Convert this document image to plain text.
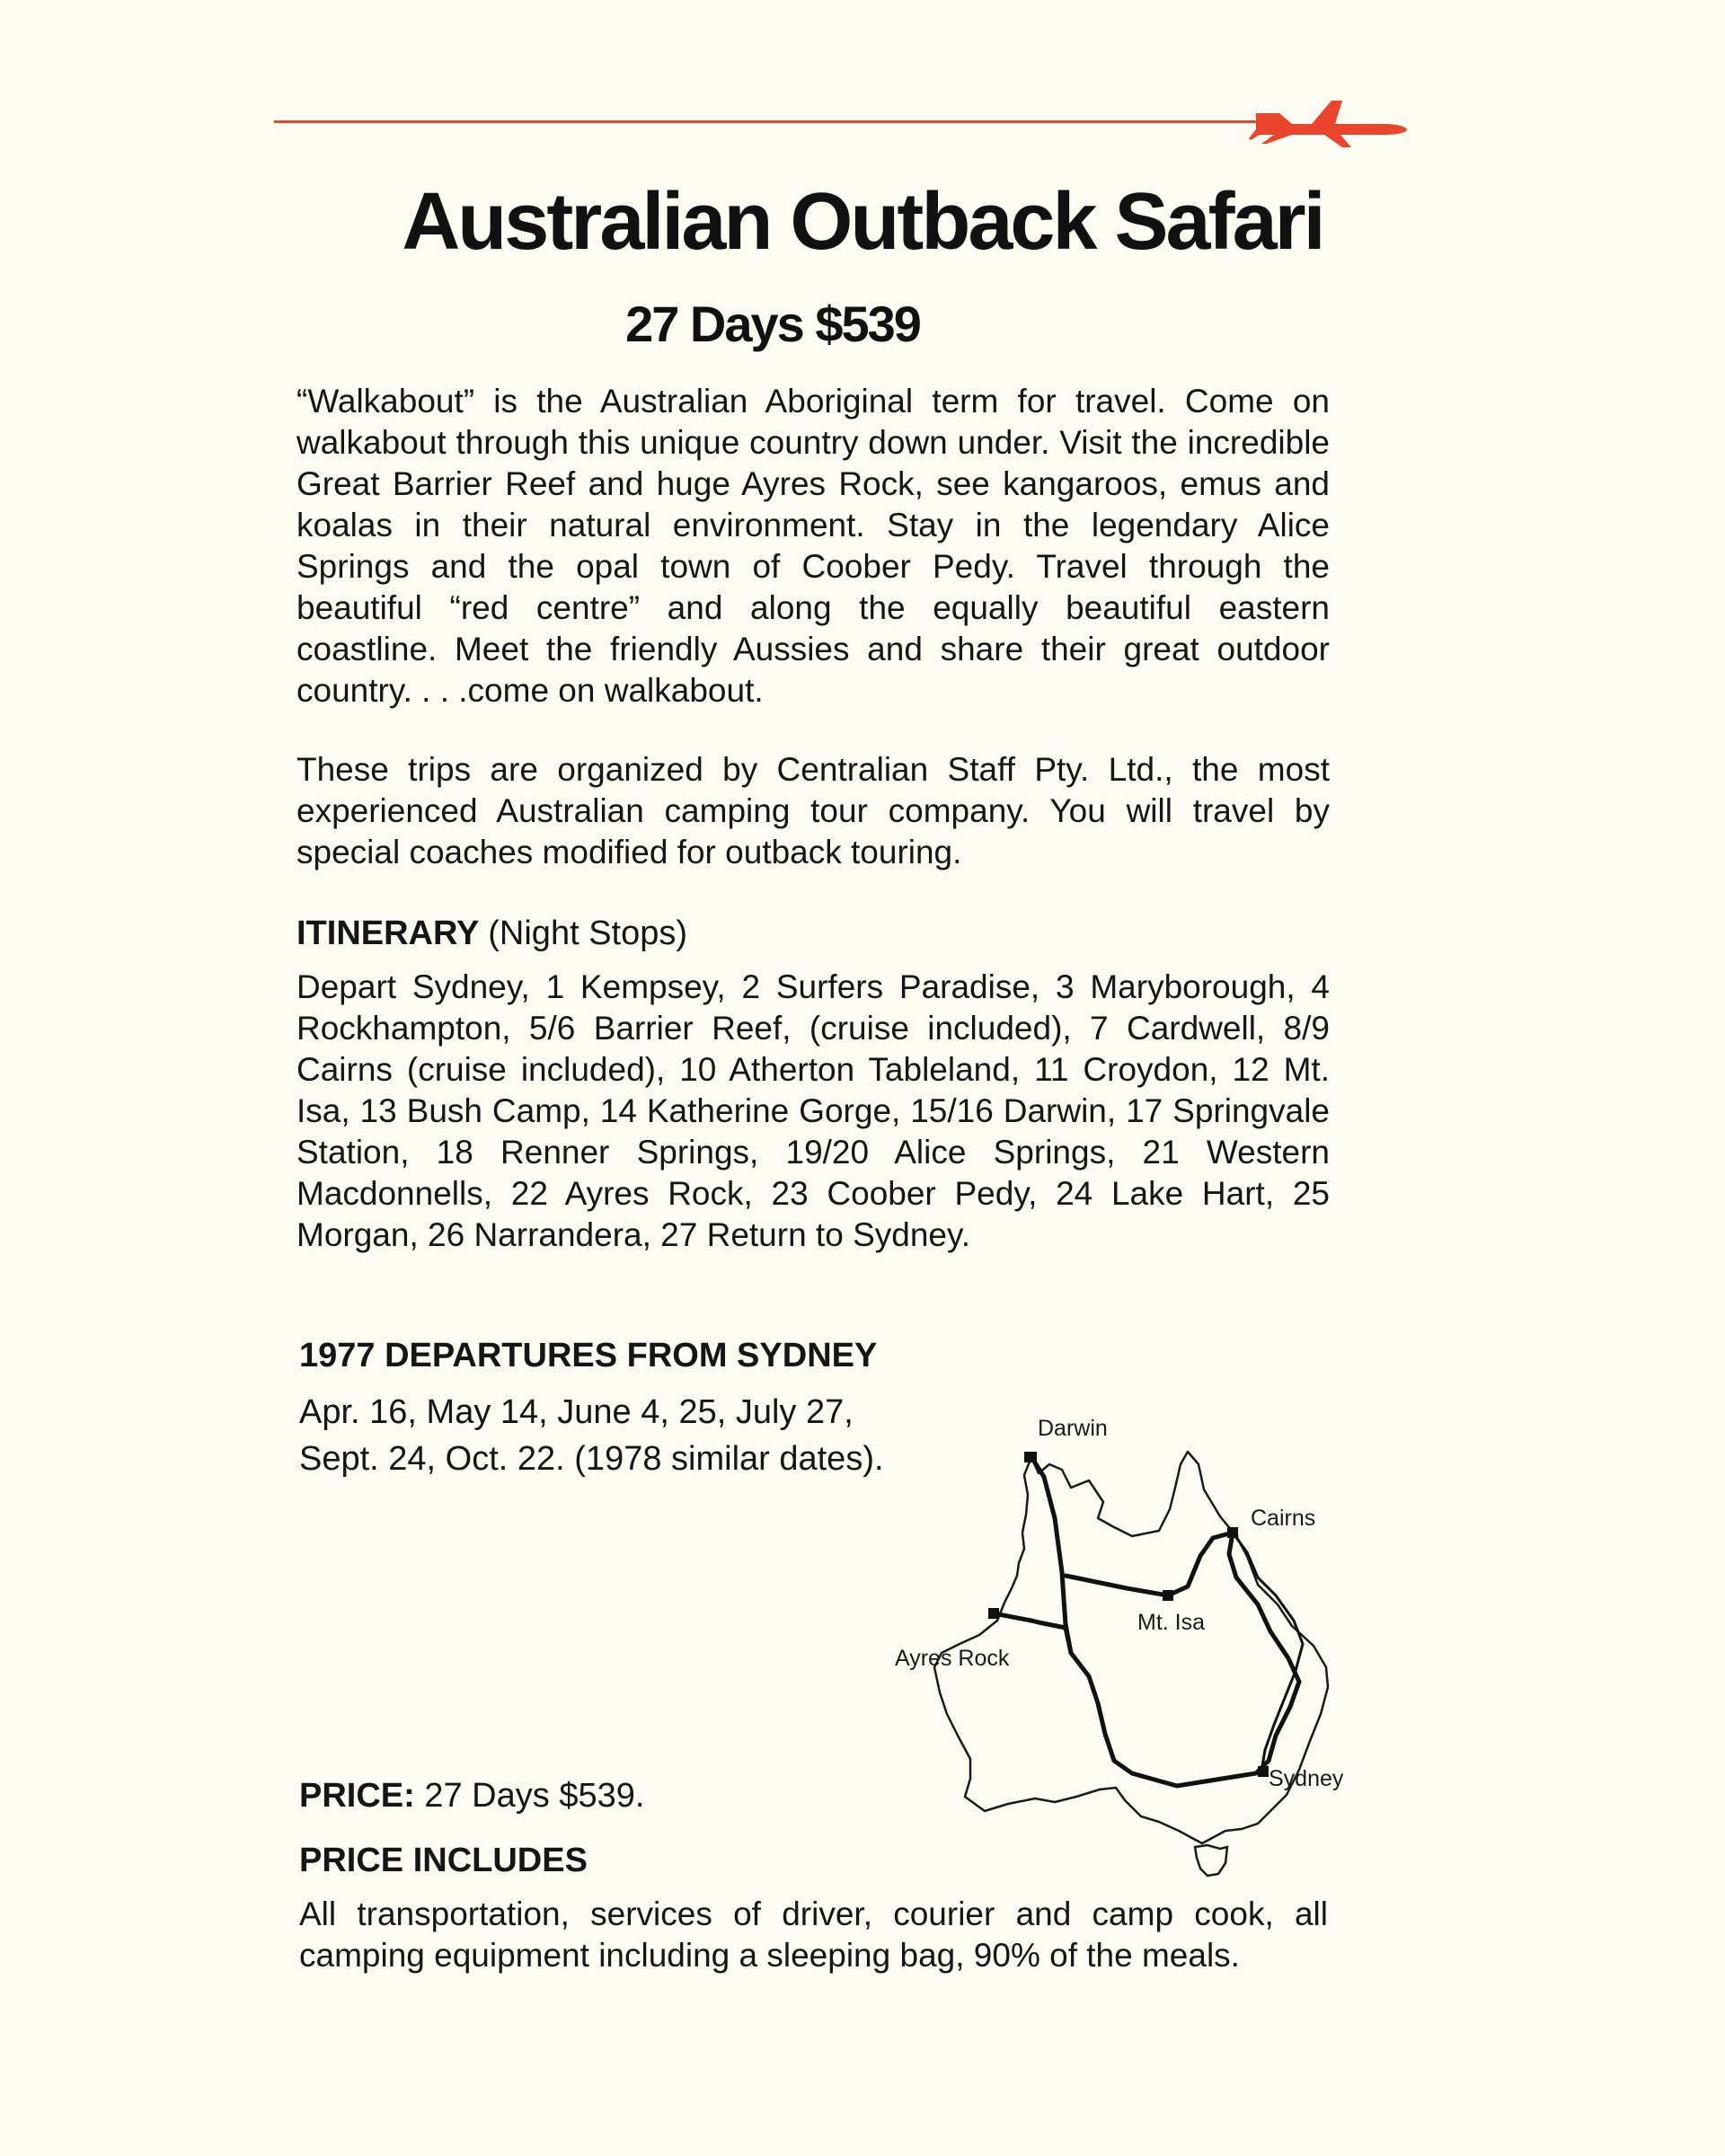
Australian Outback Safari
27 Days $539

“Walkabout” is the Australian Aboriginal term for travel. Come on walkabout through this unique country down under. Visit the incredible Great Barrier Reef and huge Ayres Rock, see kangaroos, emus and koalas in their natural environment. Stay in the legendary Alice Springs and the opal town of Coober Pedy. Travel through the beautiful “red centre” and along the equally beautiful eastern coastline. Meet the friendly Aussies and share their great outdoor country. . . .come on walkabout.

These trips are organized by Centralian Staff Pty. Ltd., the most experienced Australian camping tour company. You will travel by special coaches modified for outback touring.

ITINERARY (Night Stops)

Depart Sydney, 1 Kempsey, 2 Surfers Paradise, 3 Maryborough, 4 Rockhampton, 5/6 Barrier Reef, (cruise included), 7 Cardwell, 8/9 Cairns (cruise included), 10 Atherton Tableland, 11 Croydon, 12 Mt. Isa, 13 Bush Camp, 14 Katherine Gorge, 15/16 Darwin, 17 Springvale Station, 18 Renner Springs, 19/20 Alice Springs, 21 Western Macdonnells, 22 Ayres Rock, 23 Coober Pedy, 24 Lake Hart, 25 Morgan, 26 Narrandera, 27 Return to Sydney.

1977 DEPARTURES FROM SYDNEY
Apr. 16, May 14, June 4, 25, July 27,
Sept. 24, Oct. 22. (1978 similar dates).
PRICE: 27 Days $539.
PRICE INCLUDES

All transportation, services of driver, courier and camp cook, all camping equipment including a sleeping bag, 90% of the meals.

Darwin
Cairns
Mt. Isa
Ayres Rock
Sydney
